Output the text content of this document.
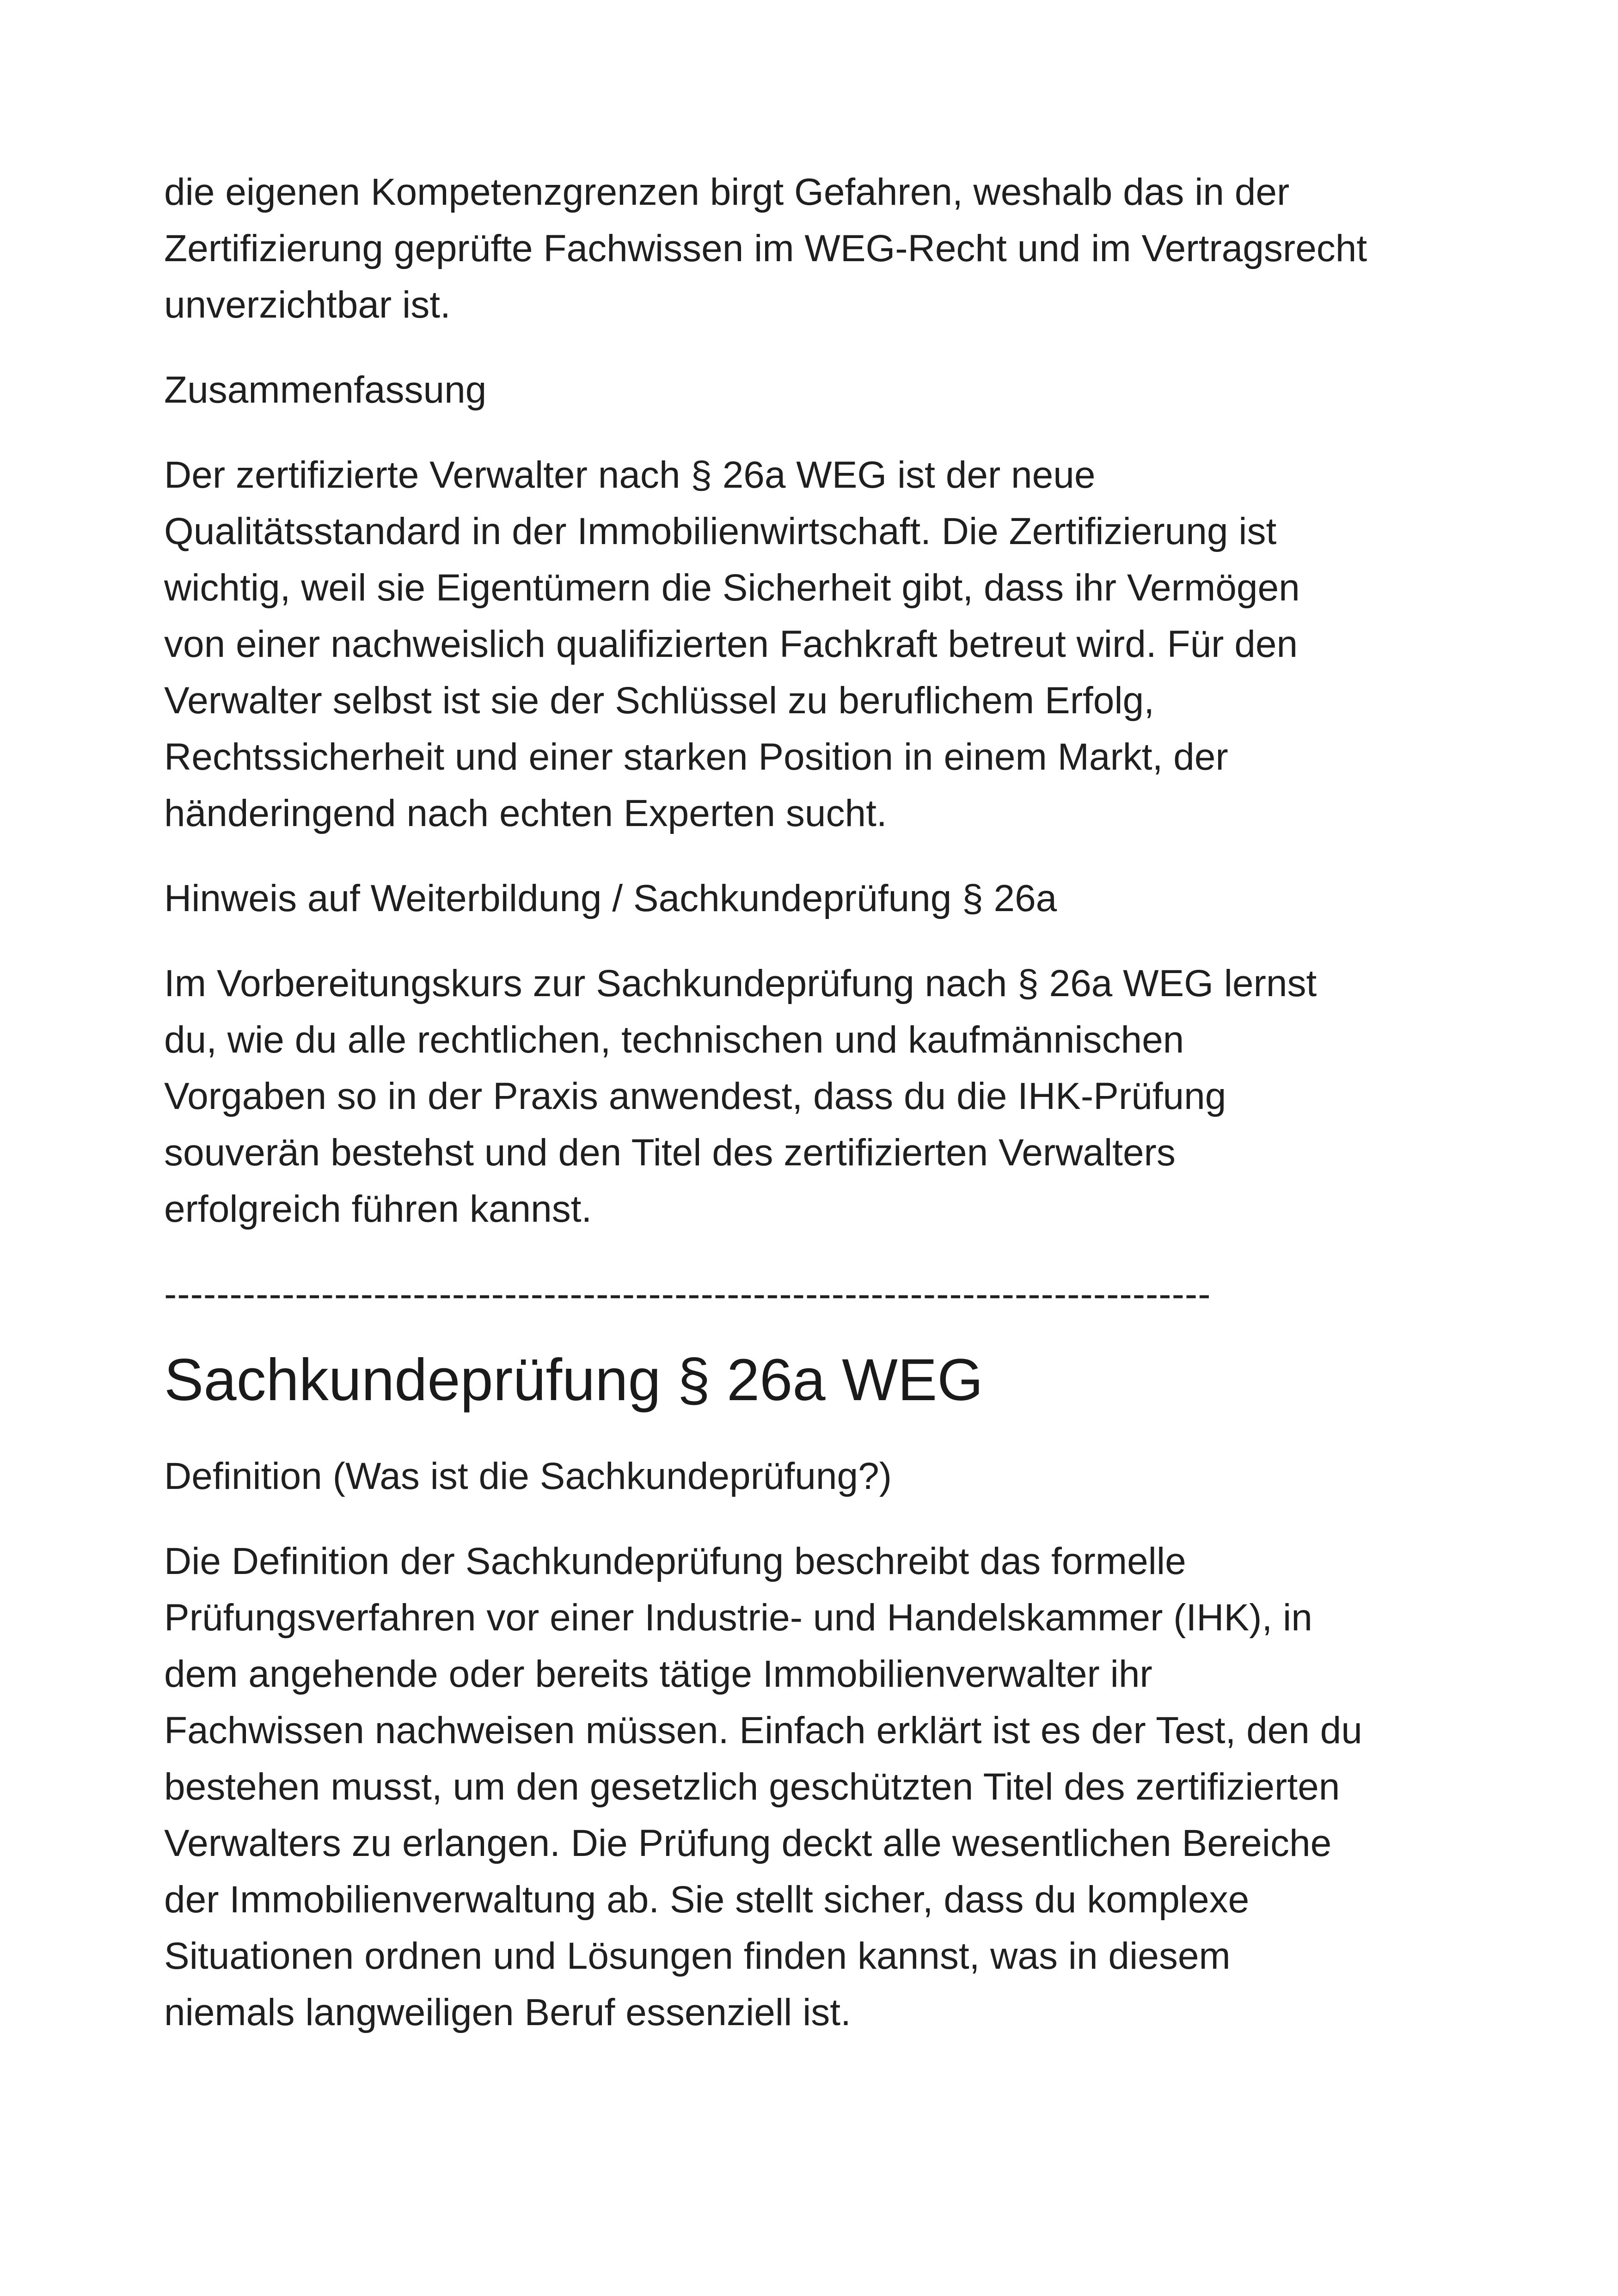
die eigenen Kompetenzgrenzen birgt Gefahren, weshalb das in der
Zertifizierung geprüfte Fachwissen im WEG-Recht und im Vertragsrecht
unverzichtbar ist.

Zusammenfassung

Der zertifizierte Verwalter nach § 26a WEG ist der neue
Qualitätsstandard in der Immobilienwirtschaft. Die Zertifizierung ist
wichtig, weil sie Eigentümern die Sicherheit gibt, dass ihr Vermögen
von einer nachweislich qualifizierten Fachkraft betreut wird. Für den
Verwalter selbst ist sie der Schlüssel zu beruflichem Erfolg,
Rechtssicherheit und einer starken Position in einem Markt, der
händeringend nach echten Experten sucht.

Hinweis auf Weiterbildung / Sachkundeprüfung § 26a

Im Vorbereitungskurs zur Sachkundeprüfung nach § 26a WEG lernst
du, wie du alle rechtlichen, technischen und kaufmännischen
Vorgaben so in der Praxis anwendest, dass du die IHK-Prüfung
souverän bestehst und den Titel des zertifizierten Verwalters
erfolgreich führen kannst.

--------------------------------------------------------------------------------
Sachkundeprüfung § 26a WEG

Definition (Was ist die Sachkundeprüfung?)

Die Definition der Sachkundeprüfung beschreibt das formelle
Prüfungsverfahren vor einer Industrie- und Handelskammer (IHK), in
dem angehende oder bereits tätige Immobilienverwalter ihr
Fachwissen nachweisen müssen. Einfach erklärt ist es der Test, den du
bestehen musst, um den gesetzlich geschützten Titel des zertifizierten
Verwalters zu erlangen. Die Prüfung deckt alle wesentlichen Bereiche
der Immobilienverwaltung ab. Sie stellt sicher, dass du komplexe
Situationen ordnen und Lösungen finden kannst, was in diesem
niemals langweiligen Beruf essenziell ist.
